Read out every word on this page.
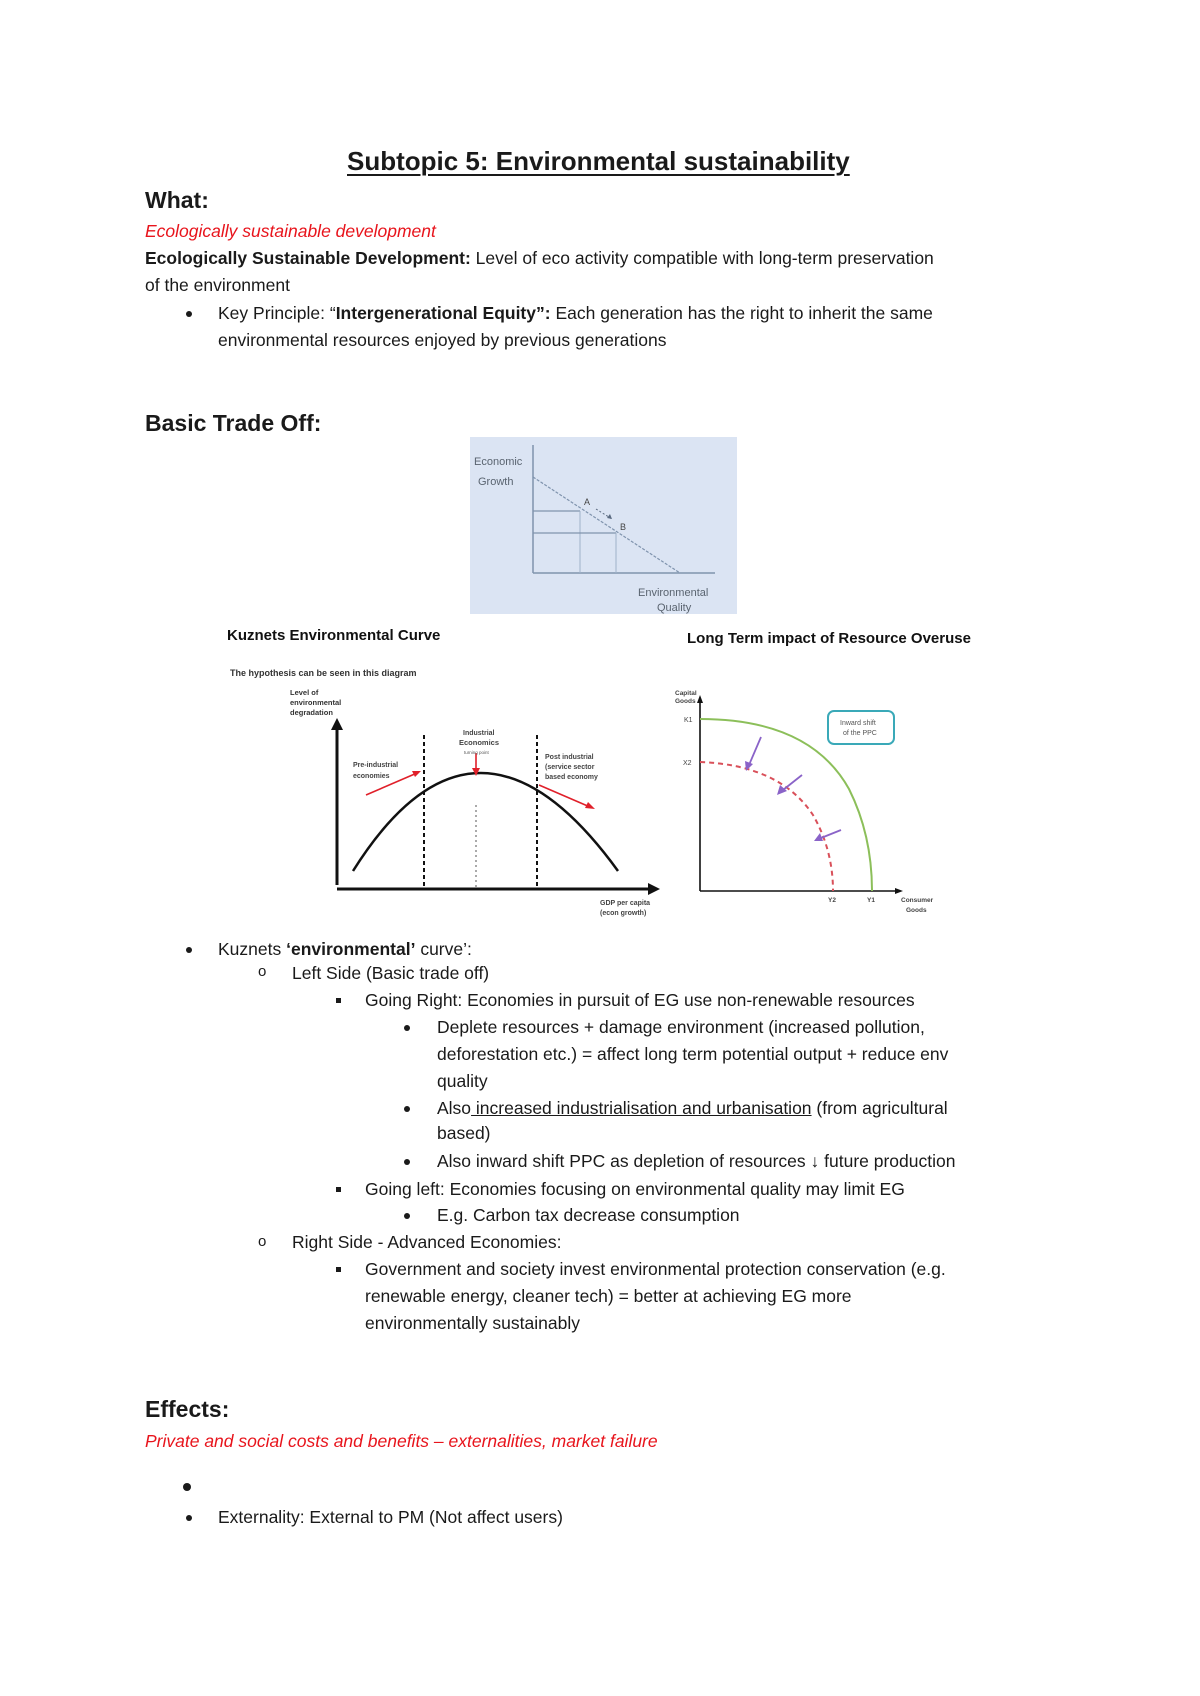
Subtopic 5: Environmental sustainability
What:
Ecologically sustainable development
Ecologically Sustainable Development: Level of eco activity compatible with long-term preservation
of the environment
Key Principle: “Intergenerational Equity”: Each generation has the right to inherit the same
environmental resources enjoyed by previous generations
Basic Trade Off:
Economic
Growth
A
B
Environmental
Quality
Kuznets Environmental Curve
The hypothesis can be seen in this diagram
Level of
environmental
degradation
Pre-industrial
economies
Industrial
Economics
turning point
Post industrial
(service sector
based economy
GDP per capita
(econ growth)
Long Term impact of Resource Overuse
Capital
Goods
K1
X2
Inward shift
of the PPC
Y2	Y1	Consumer
Goods
Kuznets ‘environmental’ curve’:
o Left Side (Basic trade off)
Going Right: Economies in pursuit of EG use non-renewable resources
Deplete resources + damage environment (increased pollution,
deforestation etc.) = affect long term potential output + reduce env
quality
Also increased industrialisation and urbanisation (from agricultural
based)
Also inward shift PPC as depletion of resources ↓ future production
Going left: Economies focusing on environmental quality may limit EG
E.g. Carbon tax decrease consumption
o Right Side - Advanced Economies:
Government and society invest environmental protection conservation (e.g.
renewable energy, cleaner tech) = better at achieving EG more
environmentally sustainably
Effects:
Private and social costs and benefits – externalities, market failure
Externality: External to PM (Not affect users)
